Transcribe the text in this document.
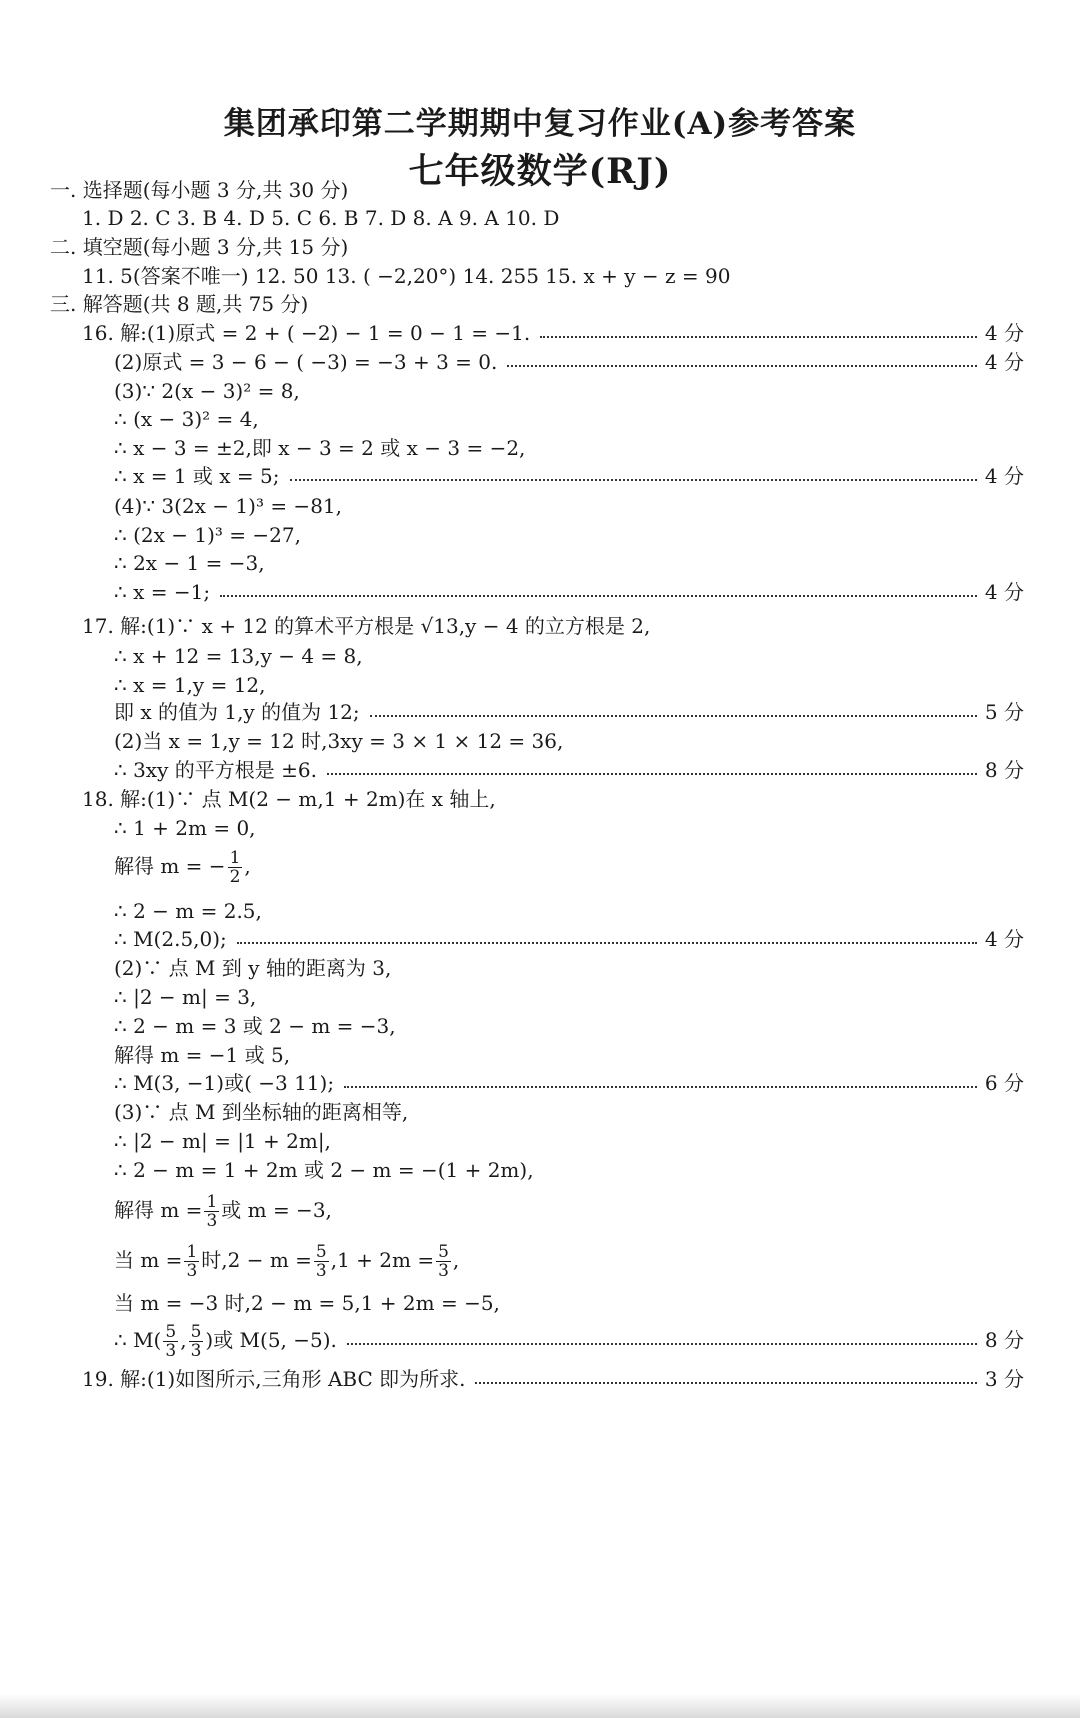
集团承印第二学期期中复习作业(A)参考答案
七年级数学(RJ)
一. 选择题(每小题 3 分,共 30 分)
1. D 2. C 3. B 4. D 5. C 6. B 7. D 8. A 9. A 10. D
二. 填空题(每小题 3 分,共 15 分)
11. 5(答案不唯一) 12. 50 13. ( −2,20°) 14. 255 15. x + y − z = 90
三. 解答题(共 8 题,共 75 分)
16. 解:(1)原式 = 2 + ( −2) − 1 = 0 − 1 = −1.	4 分
(2)原式 = 3 − 6 − ( −3) = −3 + 3 = 0.	4 分
(3)∵ 2(x − 3)² = 8,
∴ (x − 3)² = 4,
∴ x − 3 = ±2,即 x − 3 = 2 或 x − 3 = −2,
∴ x = 1 或 x = 5;	4 分
(4)∵ 3(2x − 1)³ = −81,
∴ (2x − 1)³ = −27,
∴ 2x − 1 = −3,
∴ x = −1;	4 分
17. 解:(1)∵ x + 12 的算术平方根是 √13,y − 4 的立方根是 2,
∴ x + 12 = 13,y − 4 = 8,
∴ x = 1,y = 12,
即 x 的值为 1,y 的值为 12;	5 分
(2)当 x = 1,y = 12 时,3xy = 3 × 1 × 12 = 36,
∴ 3xy 的平方根是 ±6.	8 分
18. 解:(1)∵ 点 M(2 − m,1 + 2m)在 x 轴上,
∴ 1 + 2m = 0,
解得 m = − $\frac{1}{2}$ ,
∴ 2 − m = 2.5,
∴ M(2.5,0);	4 分
(2)∵ 点 M 到 y 轴的距离为 3,
∴ |2 − m| = 3,
∴ 2 − m = 3 或 2 − m = −3,
解得 m = −1 或 5,
∴ M(3, −1)或( −3 11);	6 分
(3)∵ 点 M 到坐标轴的距离相等,
∴ |2 − m| = |1 + 2m|,
∴ 2 − m = 1 + 2m 或 2 − m = −(1 + 2m),
解得 $m = \frac{1}{3}$ 或 m = −3,
当 $m = \frac{1}{3}$ 时$,2 - m = \frac{5}{3} ,1 + 2m = \frac{5}{3}$ ,
当 m = −3 时,2 − m = 5,1 + 2m = −5,
∴ $M( \frac{5}{3}$ , $\frac{5}{3}$ )或 M(5, −5).	8 分
19. 解:(1)如图所示,三角形 ABC 即为所求.	3 分
